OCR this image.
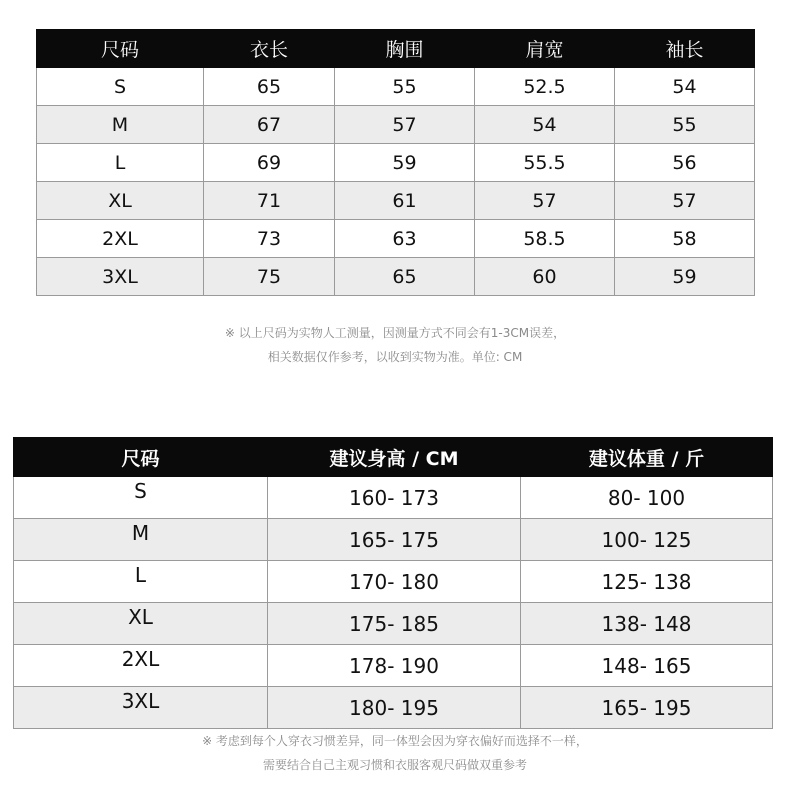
尺码	衣长	胸围	肩宽	袖长
S	65	55	52.5	54
M	67	57	54	55
L	69	59	55.5	56
XL	71	61	57	57
2XL	73	63	58.5	58
3XL	75	65	60	59
※ 以上尺码为实物人工测量，因测量方式不同会有1-3CM误差，
相关数据仅作参考，以收到实物为准。单位: CM
尺码	建议身高 / CM	建议体重 / 斤
S	160- 173	80- 100
M	165- 175	100- 125
L	170- 180	125- 138
XL	175- 185	138- 148
2XL	178- 190	148- 165
3XL	180- 195	165- 195
※ 考虑到每个人穿衣习惯差异，同一体型会因为穿衣偏好而选择不一样，
需要结合自己主观习惯和衣服客观尺码做双重参考
